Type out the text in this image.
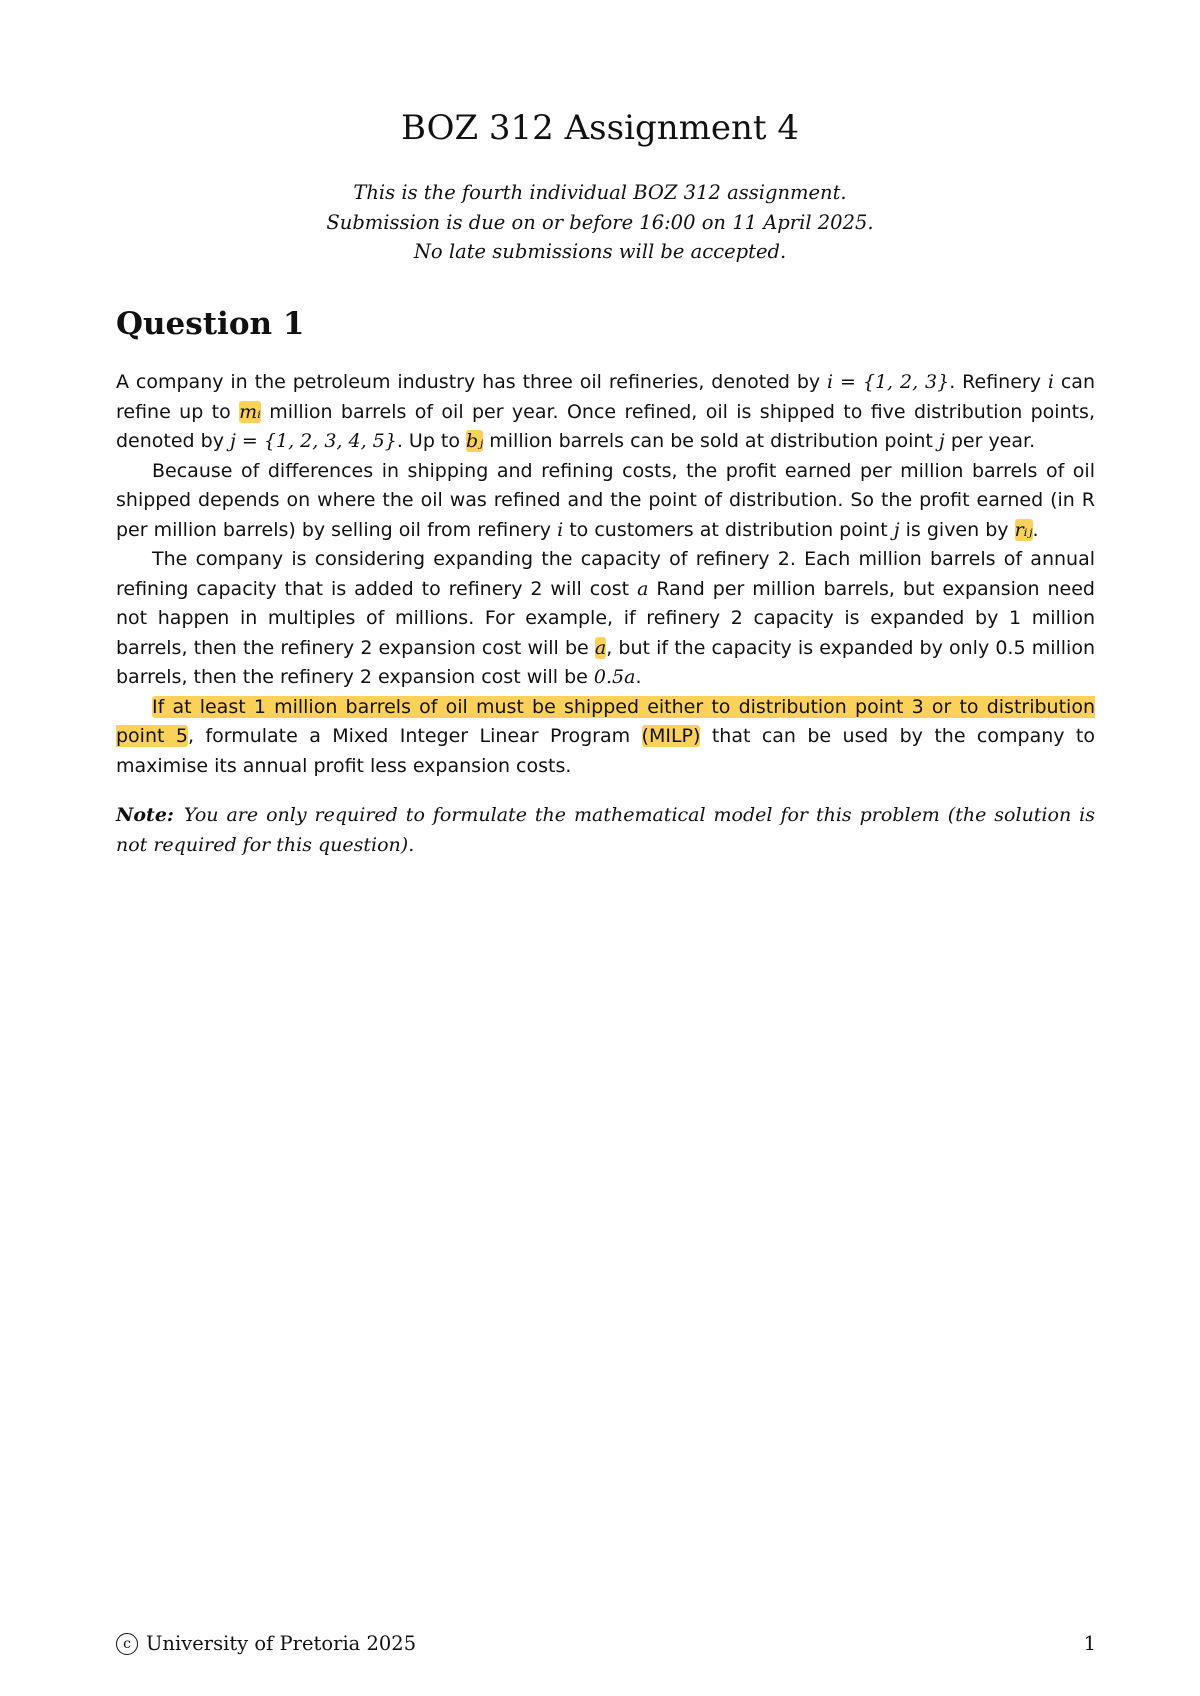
BOZ 312 Assignment 4
This is the fourth individual BOZ 312 assignment.
Submission is due on or before 16:00 on 11 April 2025.
No late submissions will be accepted.
Question 1

A company in the petroleum industry has three oil refineries, denoted by i = {1, 2, 3}. Refinery i can refine up to mᵢ million barrels of oil per year. Once refined, oil is shipped to five distribution points, denoted by j = {1, 2, 3, 4, 5}. Up to bⱼ million barrels can be sold at distribution point j per year.

Because of differences in shipping and refining costs, the profit earned per million barrels of oil shipped depends on where the oil was refined and the point of distribution. So the profit earned (in R per million barrels) by selling oil from refinery i to customers at distribution point j is given by rᵢⱼ.

The company is considering expanding the capacity of refinery 2. Each million barrels of annual refining capacity that is added to refinery 2 will cost a Rand per million barrels, but expansion need not happen in multiples of millions. For example, if refinery 2 capacity is expanded by 1 million barrels, then the refinery 2 expansion cost will be a, but if the capacity is expanded by only 0.5 million barrels, then the refinery 2 expansion cost will be 0.5a.

If at least 1 million barrels of oil must be shipped either to distribution point 3 or to distribution point 5, formulate a Mixed Integer Linear Program (MILP) that can be used by the company to maximise its annual profit less expansion costs.

Note: You are only required to formulate the mathematical model for this problem (the solution is not required for this question).

c University of Pretoria 2025	1
